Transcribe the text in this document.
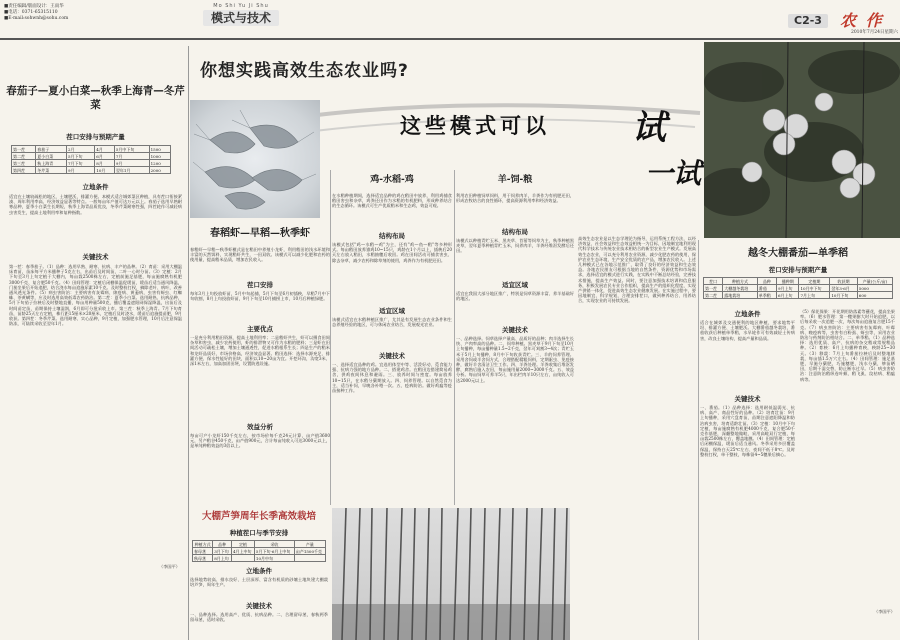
■责任编辑/版面设计：王雨华
■电话：0371-65315110
■E-mail:sohwnh@sohu.com
Mo Shi Yu Ji Shu
模式与技术	C2-3	农 作
2010年7月24日星期六
春茄子—夏小白菜—秋季上海青—冬芹菜
茬口安排与预期产量
第一茬	春茄子	2月	4月	5月中下旬	1500
第二茬	夏小白菜	5月下旬	6月	7月	1000
第三茬	秋上海青	7月下旬	8月	9月	1200
第四茬	冬芹菜	9月	10月	翌年1月	2000
立地条件
适宜在土壤较疏松的地区，土壤肥沃，排灌方便。本模式适合城郊菜区种植，具有茬口衔接紧凑、周年利用率高、经济效益显著等特点。一般每亩年产值可达万元以上。春茄子选用早熟耐寒品种，夏季小白菜生长期短，秋季上海青品质优良，冬季芹菜耐寒性强，四茬轮作可减轻病虫害发生，提高土地利用率和复种指数。
关键技术
第一茬：春季茄子。（1）品种：选用早熟、耐寒、抗病、丰产的品种。（2）育苗：采用大棚温床育苗，苗床每平方米播种子5克左右，出苗后及时间苗，二叶一心时分苗。（3）定植：2月下旬至3月上旬定植于大棚内，每亩栽2500株左右，定植前施足基肥，每亩施腐熟有机肥3000千克、复合肥50千克。（4）田间管理：定植后闭棚保温促缓苗，缓苗后适当通风降温，门茄坐果后开始追肥，结合浇水每亩追施尿素10千克。及时整枝打杈，摘除老叶、病叶，改善通风透光条件。（5）病虫害防治：主要病害有灰霉病、绵疫病、黄萎病，虫害有蚜虫、红蜘蛛、茶黄螨等，应及时选用高效低毒农药防治。第二茬：夏季小白菜。选用耐热、抗病品种，5月下旬茄子拉秧后及时整地直播，每亩用种量500克，播后覆盖遮阳网保湿降温，出苗后及时间苗定苗，苗期保持土壤湿润，6月即可分批采收上市。第三茬：秋季上海青。7月下旬育苗，苗龄25天左右定植，株行距15厘米×20厘米，定植后及时浇水，缓苗后追施提苗肥，9月收获。第四茬：冬季芹菜。选用耐寒、实心品种，9月定植，加强肥水管理，10月后注意保温防冻，可陆续采收至翌年1月。
（李国平）
你想实践高效生态农业吗?
这些模式可以 试
一试
春稻虾—早稻—秋季虾
春稻虾—早稻—秋季虾模式是在稻田中养殖小龙虾，利用稻田的浅水环境和丰富的天然饵料，实现稻虾共生，一田双收。该模式可以减少化肥和农药的使用量，提高稻米品质，增加农民收入。
茬口安排
每年3月上旬投放虾苗，5月中旬起捕，5月下旬至6月初插秧，早稻7月中下旬收割，8月上旬投放虾苗，9月下旬至10月捕捞上市，10月后种植绿肥。
主要优点
一是充分利用稻田资源，提高土地利用率；二是稻虾共生，虾可以摄食田间杂草和害虫，减少农药使用，虾的排泄物又可作为水稻的肥料；三是虾在田间活动可疏松土壤，增加土壤通透性，促进水稻根系生长；四是生产的稻米和龙虾品质好，市场价格高，经济效益显著。稻田选择：选择水源充足、排灌方便、保水性能好的田块，面积以10~20亩为宜。开挖环沟，沟宽3米、深1米左右，加高加固田埂，设置防逃设施。
效益分析
每亩可产小龙虾150千克左右，按市场价每千克24元计算，亩产值3600元，另产稻谷450千克，亩产值900元，合计每亩纯收入可达3000元以上，是单纯种稻效益的3倍以上。
鸡-水稻-鸡
在水稻种植期间，选择适宜品种的鸡在稻田中放养，利用鸡捕食稻田害虫和杂草，鸡粪还田作为水稻的有机肥料，形成种养结合的生态循环。该模式可生产优质稻米和生态鸡，效益可观。
结构布局
该模式包括"鸡—水稻—鸡"为主，还有"鸡—鱼—稻"等多种形式。每亩稻田放养雏鸡10~15只，鸡龄在1个月以上，插秧后20天左右放入稻田，水稻抽穗后收回。鸡在田间活动可捕食害虫、除去杂草，减少农药和除草剂的使用，鸡粪作为有机肥还田。
适宜区域
该模式适宜在水稻种植区推广，尤其是有发展生态农业条件和生态养殖经验的地区，可与休闲农业结合，发展观光农业。
关键技术
一、选择适宜品种的鸡。宜选用体型中等、活泼好动、觅食能力强、抗病力强的地方品种。二、搭建鸡舍。在稻田边搭建简易鸡舍，供鸡夜间休息和避雨。三、放养时间与密度。每亩放养10~15只，在水稻分蘖期放入。四、饲养管理。以自然觅食为主，适当补饲，早晚各补喂一次。五、疫病防治。做好鸡瘟等疫苗接种工作。
羊-饲-粮
利用农田种植饲草饲料，用于饲养肉羊，羊粪作为有机肥还田，形成农牧结合的良性循环，提高资源利用率和经济效益。
结构布局
该模式以种植青贮玉米、黑麦草、苜蓿等饲草为主，秋季种植黑麦草，翌年夏季种植青贮玉米，饲养肉羊，羊粪经堆沤发酵后还田。
适宜区域
适宜在我国大部分地区推广，特别是饲草资源丰富、养羊基础好的地区。
关键技术
一、品种选择。饲草选择产量高、品质好的品种；肉羊选择生长快、产肉率高的品种。二、饲草种植。黑麦草于9月下旬至10月上旬播种，每亩播种量1.5~2千克，翌年可刈割3~4次；青贮玉米于5月上旬播种，8月中下旬收获青贮。三、羊的饲养管理。采用舍饲或半舍饲方式，合理搭配精粗饲料，定期驱虫、免疫接种，做好羊舍清洁卫生工作。四、羊粪处理。羊粪收集后堆沤发酵，腐熟后施入农田，每亩施用量2000~3000千克。五、效益分析。每亩饲草可养羊5只，年出栏肉羊10只左右，亩纯收入可达2000元以上。
大棚芦笋周年长季高效栽培
种植茬口与季节安排
种植方式	品种	定植	采收	产量
春母茎	3月下旬	4月上中旬	5月下旬-6月上中旬	亩产1500千克
秋母茎	8月上旬		10月中旬	
立地条件
选择地势较高、排水良好、土层深厚、富含有机质的砂壤土地块建大棚栽培芦笋，周年生产。
关键技术
一、品种选择。选用高产、优质、抗病品种。二、合理留母茎，春秋两季留母茎，适时采收。
越冬大棚番茄—单季稻
茬口安排与预期产量
茬口	种植方式	品种	播种期	定植期	收获期	产量(公斤/亩)
第一茬	大棚越冬栽培	番茄	9月上旬	10月中下旬	翌年3-6月	5000
第二茬	露地栽培	单季稻	6月上旬	7月上旬	10月下旬	600
立地条件
适合在城郊及交通便利的地区种植，要求地势平坦、排灌方便、土壤肥沃。大棚番茄越冬栽培，番茄收获后种植单季稻，水旱轮作可有效减轻土传病害，改良土壤结构，提高产量和品质。
关键技术
一、番茄。（1）品种选择：选用耐低温弱光、抗病、高产、商品性好的品种。（2）培育壮苗：9月上旬播种，采用穴盘育苗，苗期注意遮阳降温和防治病虫害，培育适龄壮苗。（3）定植：10月中下旬定植，每亩施腐熟有机肥4000千克、复合肥50千克作基肥，深翻整地做畦，采用高畦双行定植，每亩栽2500株左右，覆盖地膜。（4）田间管理：定植后闭棚保温，缓苗后适当通风。冬季采用多层覆盖保温，保持白天25℃左右、夜间不低于8℃。及时整枝打杈，单干整枝，每株留4~5穗果后摘心。
（5）保花保果：开花期用防落素等蘸花，提高坐果率。（6）肥水管理：第一穗果膨大时开始追肥，以后每采收一次追肥一次，每次每亩追施复合肥15千克。（7）病虫害防治：主要病害有灰霉病、叶霉病、晚疫病等，虫害有白粉虱、蚜虫等，采用农业防治与药剂防治相结合。二、单季稻。（1）品种选择：选用优质、高产、抗病的杂交稻或常规稻品种。（2）育秧：6月上旬播种育秧，秧龄25~30天。（3）移栽：7月上旬番茄拉秧后及时整地移栽，每亩插1.5万穴左右。（4）田间管理：施足基肥，早施分蘖肥，巧施穗肥，浅水分蘖，够苗晒田，后期干湿交替，防止断水过早。（5）病虫害防治：注意防治稻纵卷叶螟、稻飞虱、纹枯病、稻瘟病等。
（李国平）
高效生态农业是以生态学理论为指导，运用系统工程方法，以经济效益、社会效益和生态效益相统一为目标，因地制宜地利用现代科学技术与传统农业技术相结合的新型农业生产模式。发展高效生态农业，可以充分利用农业资源，减少化肥农药的使用，保护农业生态环境，生产安全优质的农产品，增加农民收入。上述几种模式已在各地示范推广，取得了良好的经济效益和生态效益。各地农民朋友可根据当地的自然条件、资源优势和市场需求，选择适宜的模式进行实践，在实践中不断总结经验，完善技术措施，提高生产效益。同时，要注意加强技术培训和信息服务，积极发展农民专业合作组织，提高生产的组织化程度，实现产供销一体化，促进高效生态农业健康发展。在实施过程中，要因地制宜、科学规划，合理安排茬口，做到种养结合、用养结合，实现农业的可持续发展。
